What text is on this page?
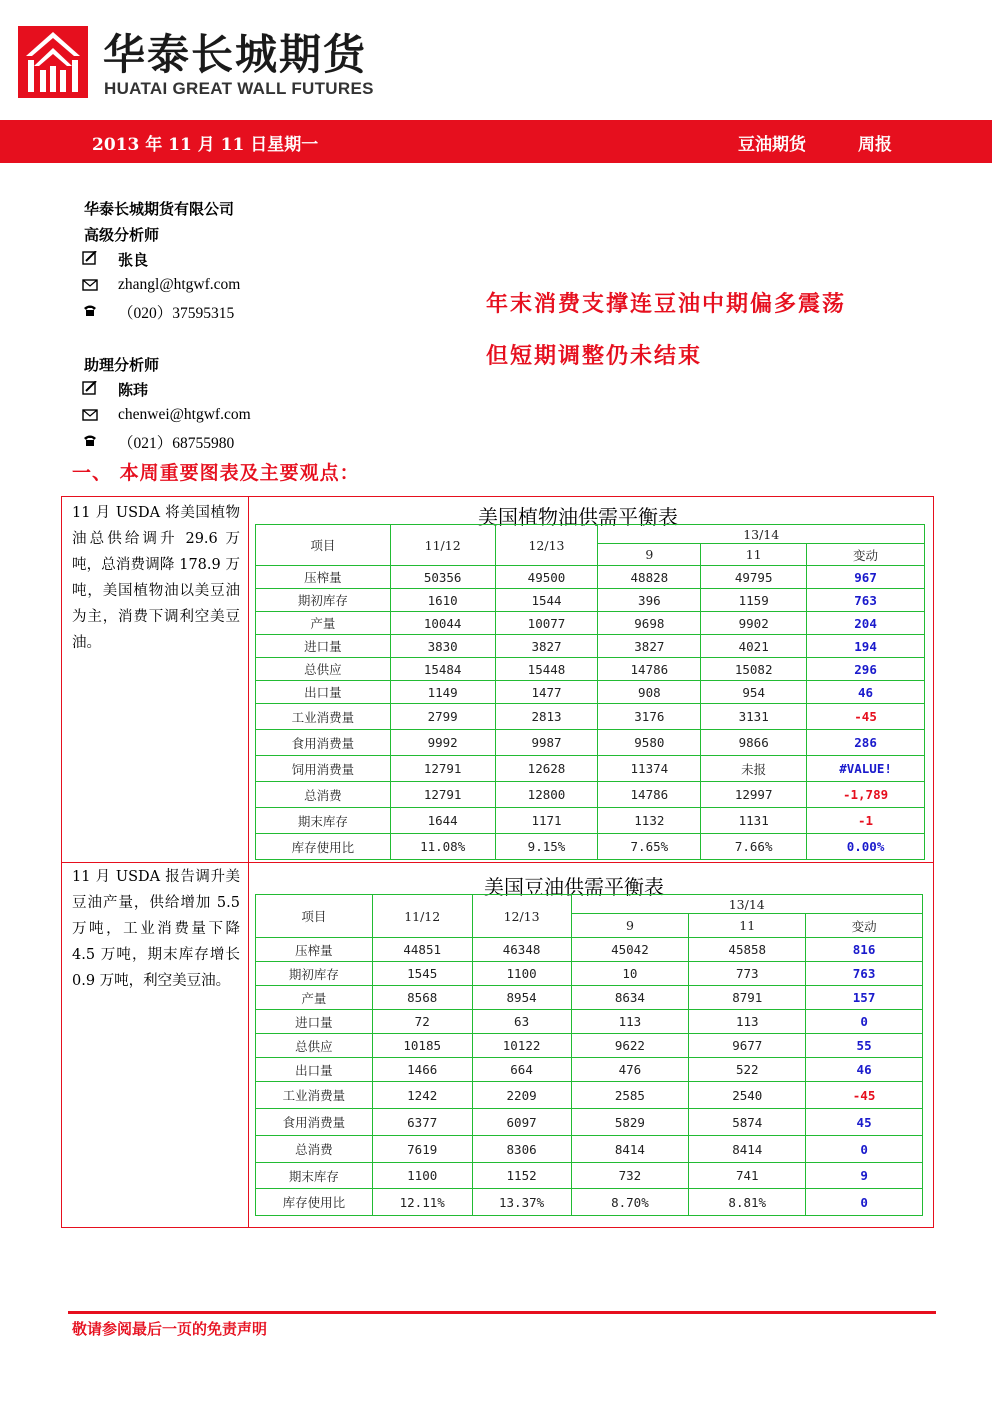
华泰长城期货
HUATAI GREAT WALL FUTURES
2013 年 11 月 11 日星期一	豆油期货	周报
华泰长城期货有限公司
高级分析师
张良
zhangl@htgwf.com
（020）37595315
助理分析师
陈玮
chenwei@htgwf.com
（021）68755980
年末消费支撑连豆油中期偏多震荡
但短期调整仍未结束
一、 本周重要图表及主要观点：
11 月 USDA 将美国植物油总供给调升 29.6 万吨，总消费调降 178.9 万吨，美国植物油以美豆油为主，消费下调利空美豆油。
11 月 USDA 报告调升美豆油产量，供给增加 5.5 万吨，工业消费量下降 4.5 万吨，期末库存增长 0.9 万吨，利空美豆油。
美国植物油供需平衡表
项目	11/12	12/13	13/14		
			9	11	变动
压榨量	50356	49500	48828	49795	967
期初库存	1610	1544	396	1159	763
产量	10044	10077	9698	9902	204
进口量	3830	3827	3827	4021	194
总供应	15484	15448	14786	15082	296
出口量	1149	1477	908	954	46
工业消费量	2799	2813	3176	3131	-45
食用消费量	9992	9987	9580	9866	286
饲用消费量	12791	12628	11374	未报	#VALUE!
总消费	12791	12800	14786	12997	-1,789
期末库存	1644	1171	1132	1131	-1
库存使用比	11.08%	9.15%	7.65%	7.66%	0.00%
美国豆油供需平衡表
项目	11/12	12/13	13/14		
			9	11	变动
压榨量	44851	46348	45042	45858	816
期初库存	1545	1100	10	773	763
产量	8568	8954	8634	8791	157
进口量	72	63	113	113	0
总供应	10185	10122	9622	9677	55
出口量	1466	664	476	522	46
工业消费量	1242	2209	2585	2540	-45
食用消费量	6377	6097	5829	5874	45
总消费	7619	8306	8414	8414	0
期末库存	1100	1152	732	741	9
库存使用比	12.11%	13.37%	8.70%	8.81%	0
敬请参阅最后一页的免责声明
